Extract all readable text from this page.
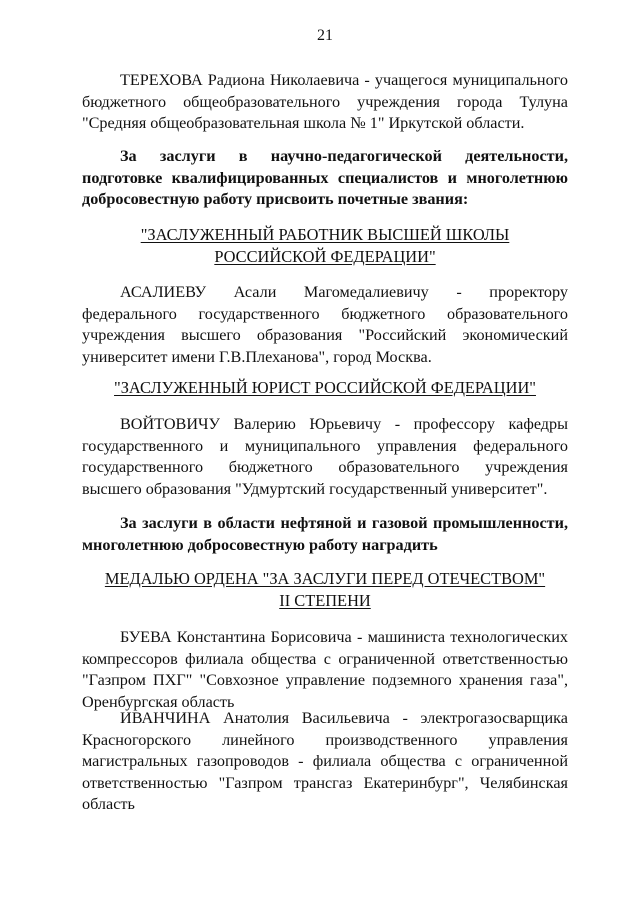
21
ТЕРЕХОВА Радиона Николаевича - учащегося муниципального
бюджетного общеобразовательного учреждения города Тулуна
"Средняя общеобразовательная школа № 1" Иркутской области.
За заслуги в научно-педагогической деятельности,
подготовке квалифицированных специалистов и многолетнюю
добросовестную работу присвоить почетные звания:
"ЗАСЛУЖЕННЫЙ РАБОТНИК ВЫСШЕЙ ШКОЛЫ
РОССИЙСКОЙ ФЕДЕРАЦИИ"
АСАЛИЕВУ Асали Магомедалиевичу - проректору
федерального государственного бюджетного образовательного
учреждения высшего образования "Российский экономический
университет имени Г.В.Плеханова", город Москва.
"ЗАСЛУЖЕННЫЙ ЮРИСТ РОССИЙСКОЙ ФЕДЕРАЦИИ"
ВОЙТОВИЧУ Валерию Юрьевичу - профессору кафедры
государственного и муниципального управления федерального
государственного бюджетного образовательного учреждения
высшего образования "Удмуртский государственный университет".
За заслуги в области нефтяной и газовой промышленности,
многолетнюю добросовестную работу наградить
МЕДАЛЬЮ ОРДЕНА "ЗА ЗАСЛУГИ ПЕРЕД ОТЕЧЕСТВОМ"
II СТЕПЕНИ
БУЕВА Константина Борисовича - машиниста технологических
компрессоров филиала общества с ограниченной ответственностью
"Газпром ПХГ" "Совхозное управление подземного хранения газа",
Оренбургская область
ИВАНЧИНА Анатолия Васильевича - электрогазосварщика
Красногорского линейного производственного управления
магистральных газопроводов - филиала общества с ограниченной
ответственностью "Газпром трансгаз Екатеринбург", Челябинская
область
